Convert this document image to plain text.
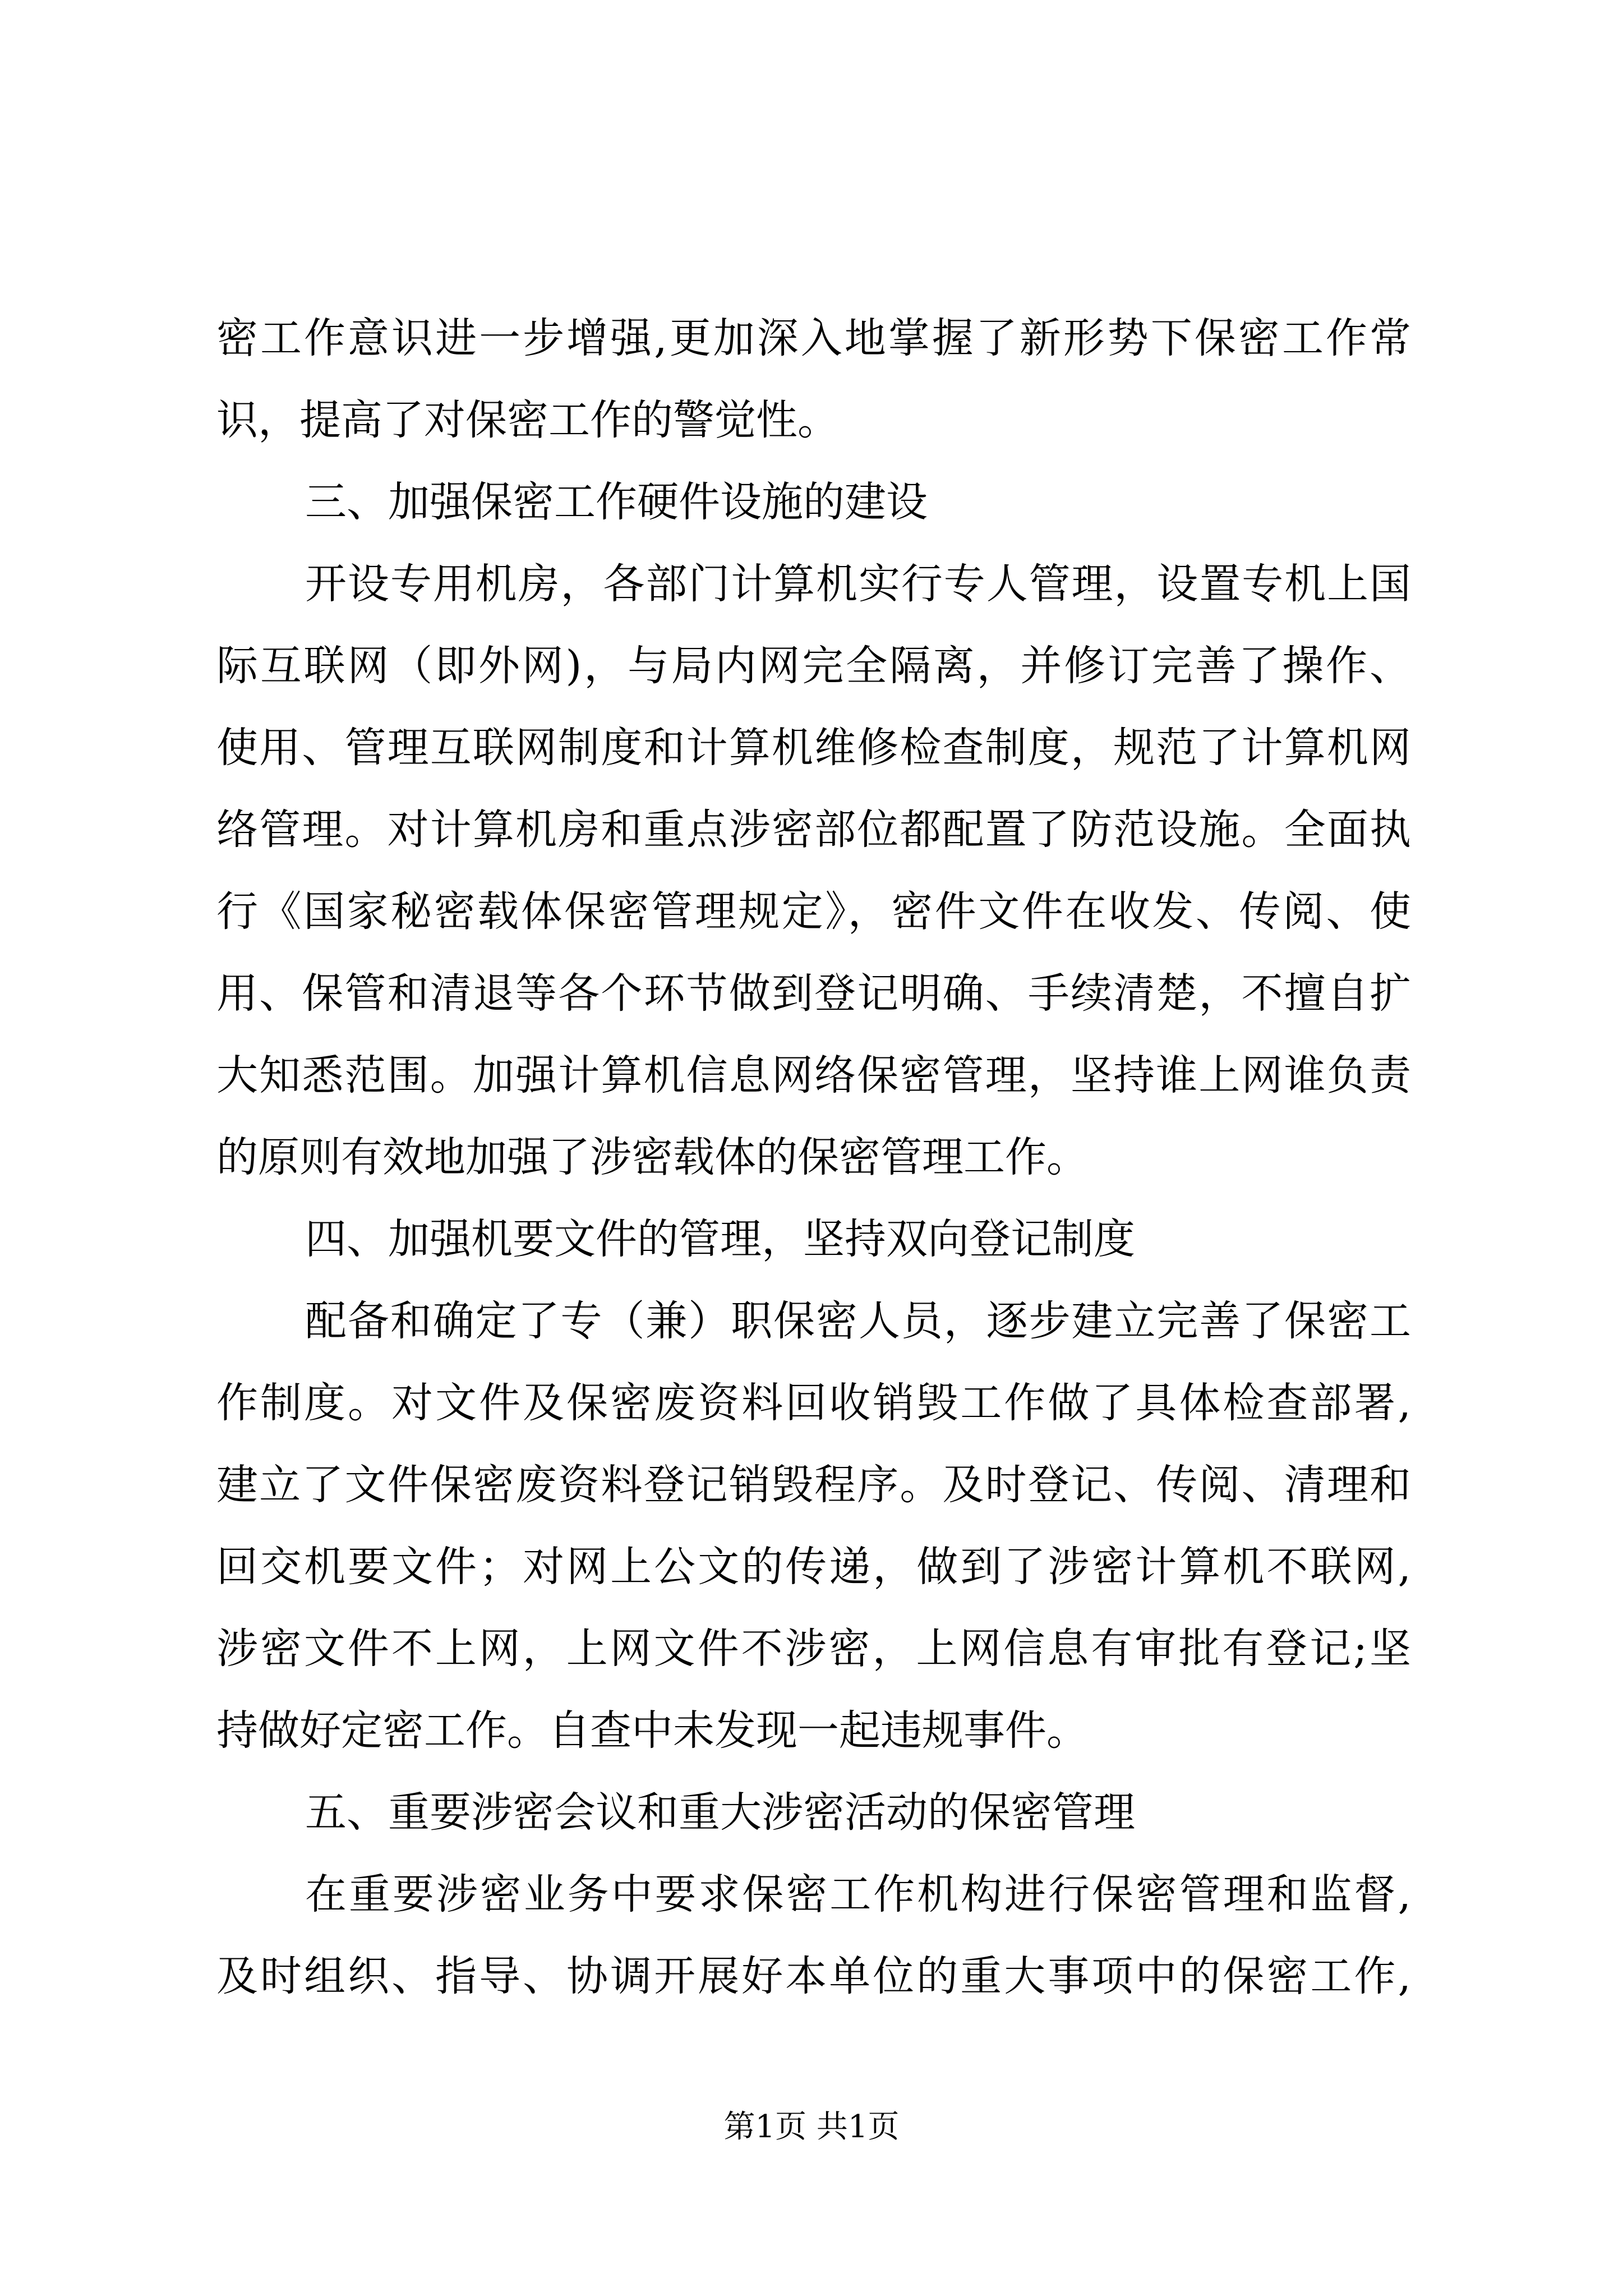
密工作意识进一步增强,更加深入地掌握了新形势下保密工作常
识，提高了对保密工作的警觉性。
三、加强保密工作硬件设施的建设
开设专用机房，各部门计算机实行专人管理，设置专机上国
际互联网（即外网)，与局内网完全隔离，并修订完善了操作、
使用、管理互联网制度和计算机维修检查制度，规范了计算机网
络管理。对计算机房和重点涉密部位都配置了防范设施。全面执
行《国家秘密载体保密管理规定》，密件文件在收发、传阅、使
用、保管和清退等各个环节做到登记明确、手续清楚，不擅自扩
大知悉范围。加强计算机信息网络保密管理，坚持谁上网谁负责
的原则有效地加强了涉密载体的保密管理工作。
四、加强机要文件的管理，坚持双向登记制度
配备和确定了专（兼）职保密人员，逐步建立完善了保密工
作制度。对文件及保密废资料回收销毁工作做了具体检查部署,
建立了文件保密废资料登记销毁程序。及时登记、传阅、清理和
回交机要文件；对网上公文的传递，做到了涉密计算机不联网,
涉密文件不上网，上网文件不涉密，上网信息有审批有登记;坚
持做好定密工作。自查中未发现一起违规事件。
五、重要涉密会议和重大涉密活动的保密管理
在重要涉密业务中要求保密工作机构进行保密管理和监督,
及时组织、指导、协调开展好本单位的重大事项中的保密工作,
第1页 共1页
